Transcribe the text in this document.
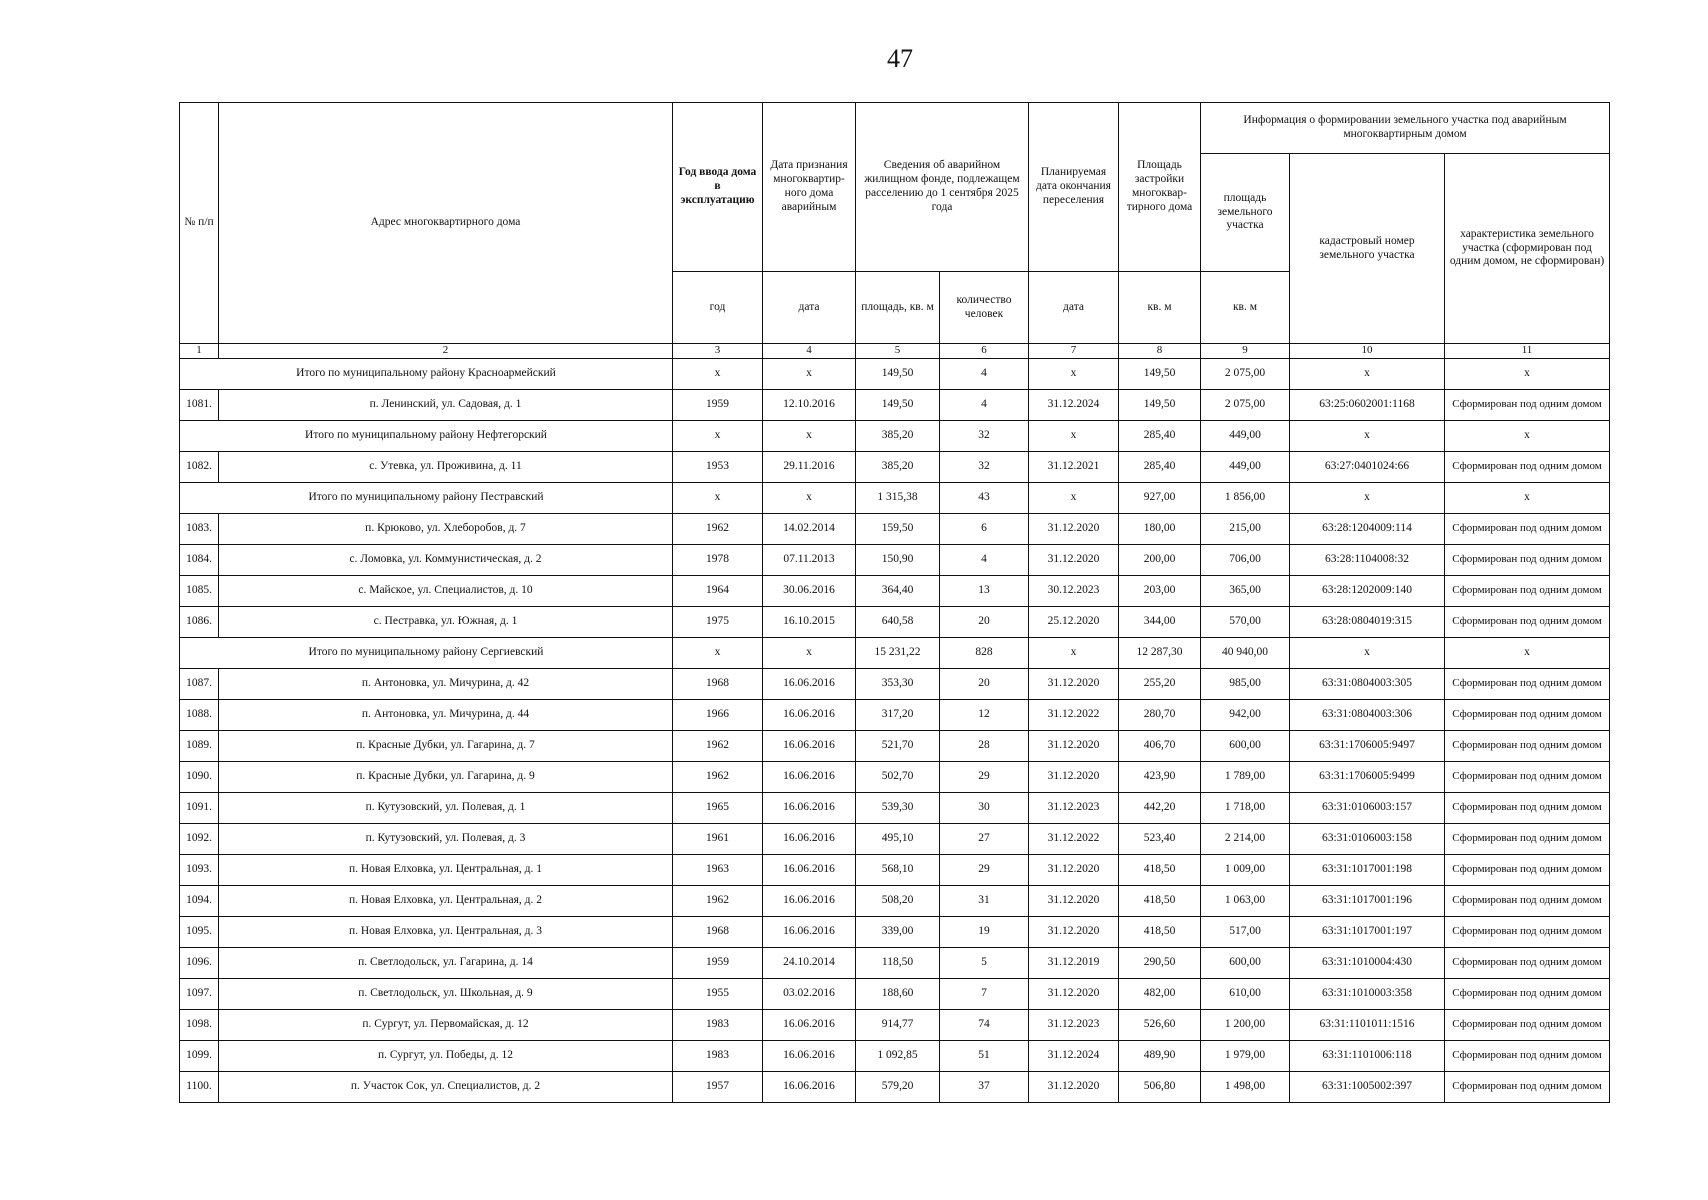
47
№ п/п	Адрес многоквартирного дома	Год ввода дома в эксплуатацию	Дата признания многоквартир-ного дома аварийным	Сведения об аварийном жилищном фонде, подлежащем расселению до 1 сентября 2025 года		Планируемая дата окончания переселения	Площадь застройки многоквар-тирного дома	Информация о формировании земельного участка под аварийным многоквартирным домом		
								площадь земельного участка	кадастровый номер земельного участка	характеристика земельного участка (сформирован под одним домом, не сформирован)
		год	дата	площадь, кв. м	количество человек	дата	кв. м	кв. м		
1	2	3	4	5	6	7	8	9	10	11
Итого по муниципальному району Красноармейский		х	х	149,50	4	х	149,50	2 075,00	х	х
1081.	п. Ленинский, ул. Садовая, д. 1	1959	12.10.2016	149,50	4	31.12.2024	149,50	2 075,00	63:25:0602001:1168	Сформирован под одним домом
Итого по муниципальному району Нефтегорский		х	х	385,20	32	х	285,40	449,00	х	х
1082.	с. Утевка, ул. Проживина, д. 11	1953	29.11.2016	385,20	32	31.12.2021	285,40	449,00	63:27:0401024:66	Сформирован под одним домом
Итого по муниципальному району Пестравский		х	х	1 315,38	43	х	927,00	1 856,00	х	х
1083.	п. Крюково, ул. Хлеборобов, д. 7	1962	14.02.2014	159,50	6	31.12.2020	180,00	215,00	63:28:1204009:114	Сформирован под одним домом
1084.	с. Ломовка, ул. Коммунистическая, д. 2	1978	07.11.2013	150,90	4	31.12.2020	200,00	706,00	63:28:1104008:32	Сформирован под одним домом
1085.	с. Майское, ул. Специалистов, д. 10	1964	30.06.2016	364,40	13	30.12.2023	203,00	365,00	63:28:1202009:140	Сформирован под одним домом
1086.	с. Пестравка, ул. Южная, д. 1	1975	16.10.2015	640,58	20	25.12.2020	344,00	570,00	63:28:0804019:315	Сформирован под одним домом
Итого по муниципальному району Сергиевский		х	х	15 231,22	828	х	12 287,30	40 940,00	х	х
1087.	п. Антоновка, ул. Мичурина, д. 42	1968	16.06.2016	353,30	20	31.12.2020	255,20	985,00	63:31:0804003:305	Сформирован под одним домом
1088.	п. Антоновка, ул. Мичурина, д. 44	1966	16.06.2016	317,20	12	31.12.2022	280,70	942,00	63:31:0804003:306	Сформирован под одним домом
1089.	п. Красные Дубки, ул. Гагарина, д. 7	1962	16.06.2016	521,70	28	31.12.2020	406,70	600,00	63:31:1706005:9497	Сформирован под одним домом
1090.	п. Красные Дубки, ул. Гагарина, д. 9	1962	16.06.2016	502,70	29	31.12.2020	423,90	1 789,00	63:31:1706005:9499	Сформирован под одним домом
1091.	п. Кутузовский, ул. Полевая, д. 1	1965	16.06.2016	539,30	30	31.12.2023	442,20	1 718,00	63:31:0106003:157	Сформирован под одним домом
1092.	п. Кутузовский, ул. Полевая, д. 3	1961	16.06.2016	495,10	27	31.12.2022	523,40	2 214,00	63:31:0106003:158	Сформирован под одним домом
1093.	п. Новая Елховка, ул. Центральная, д. 1	1963	16.06.2016	568,10	29	31.12.2020	418,50	1 009,00	63:31:1017001:198	Сформирован под одним домом
1094.	п. Новая Елховка, ул. Центральная, д. 2	1962	16.06.2016	508,20	31	31.12.2020	418,50	1 063,00	63:31:1017001:196	Сформирован под одним домом
1095.	п. Новая Елховка, ул. Центральная, д. 3	1968	16.06.2016	339,00	19	31.12.2020	418,50	517,00	63:31:1017001:197	Сформирован под одним домом
1096.	п. Светлодольск, ул. Гагарина, д. 14	1959	24.10.2014	118,50	5	31.12.2019	290,50	600,00	63:31:1010004:430	Сформирован под одним домом
1097.	п. Светлодольск, ул. Школьная, д. 9	1955	03.02.2016	188,60	7	31.12.2020	482,00	610,00	63:31:1010003:358	Сформирован под одним домом
1098.	п. Сургут, ул. Первомайская, д. 12	1983	16.06.2016	914,77	74	31.12.2023	526,60	1 200,00	63:31:1101011:1516	Сформирован под одним домом
1099.	п. Сургут, ул. Победы, д. 12	1983	16.06.2016	1 092,85	51	31.12.2024	489,90	1 979,00	63:31:1101006:118	Сформирован под одним домом
1100.	п. Участок Сок, ул. Специалистов, д. 2	1957	16.06.2016	579,20	37	31.12.2020	506,80	1 498,00	63:31:1005002:397	Сформирован под одним домом
